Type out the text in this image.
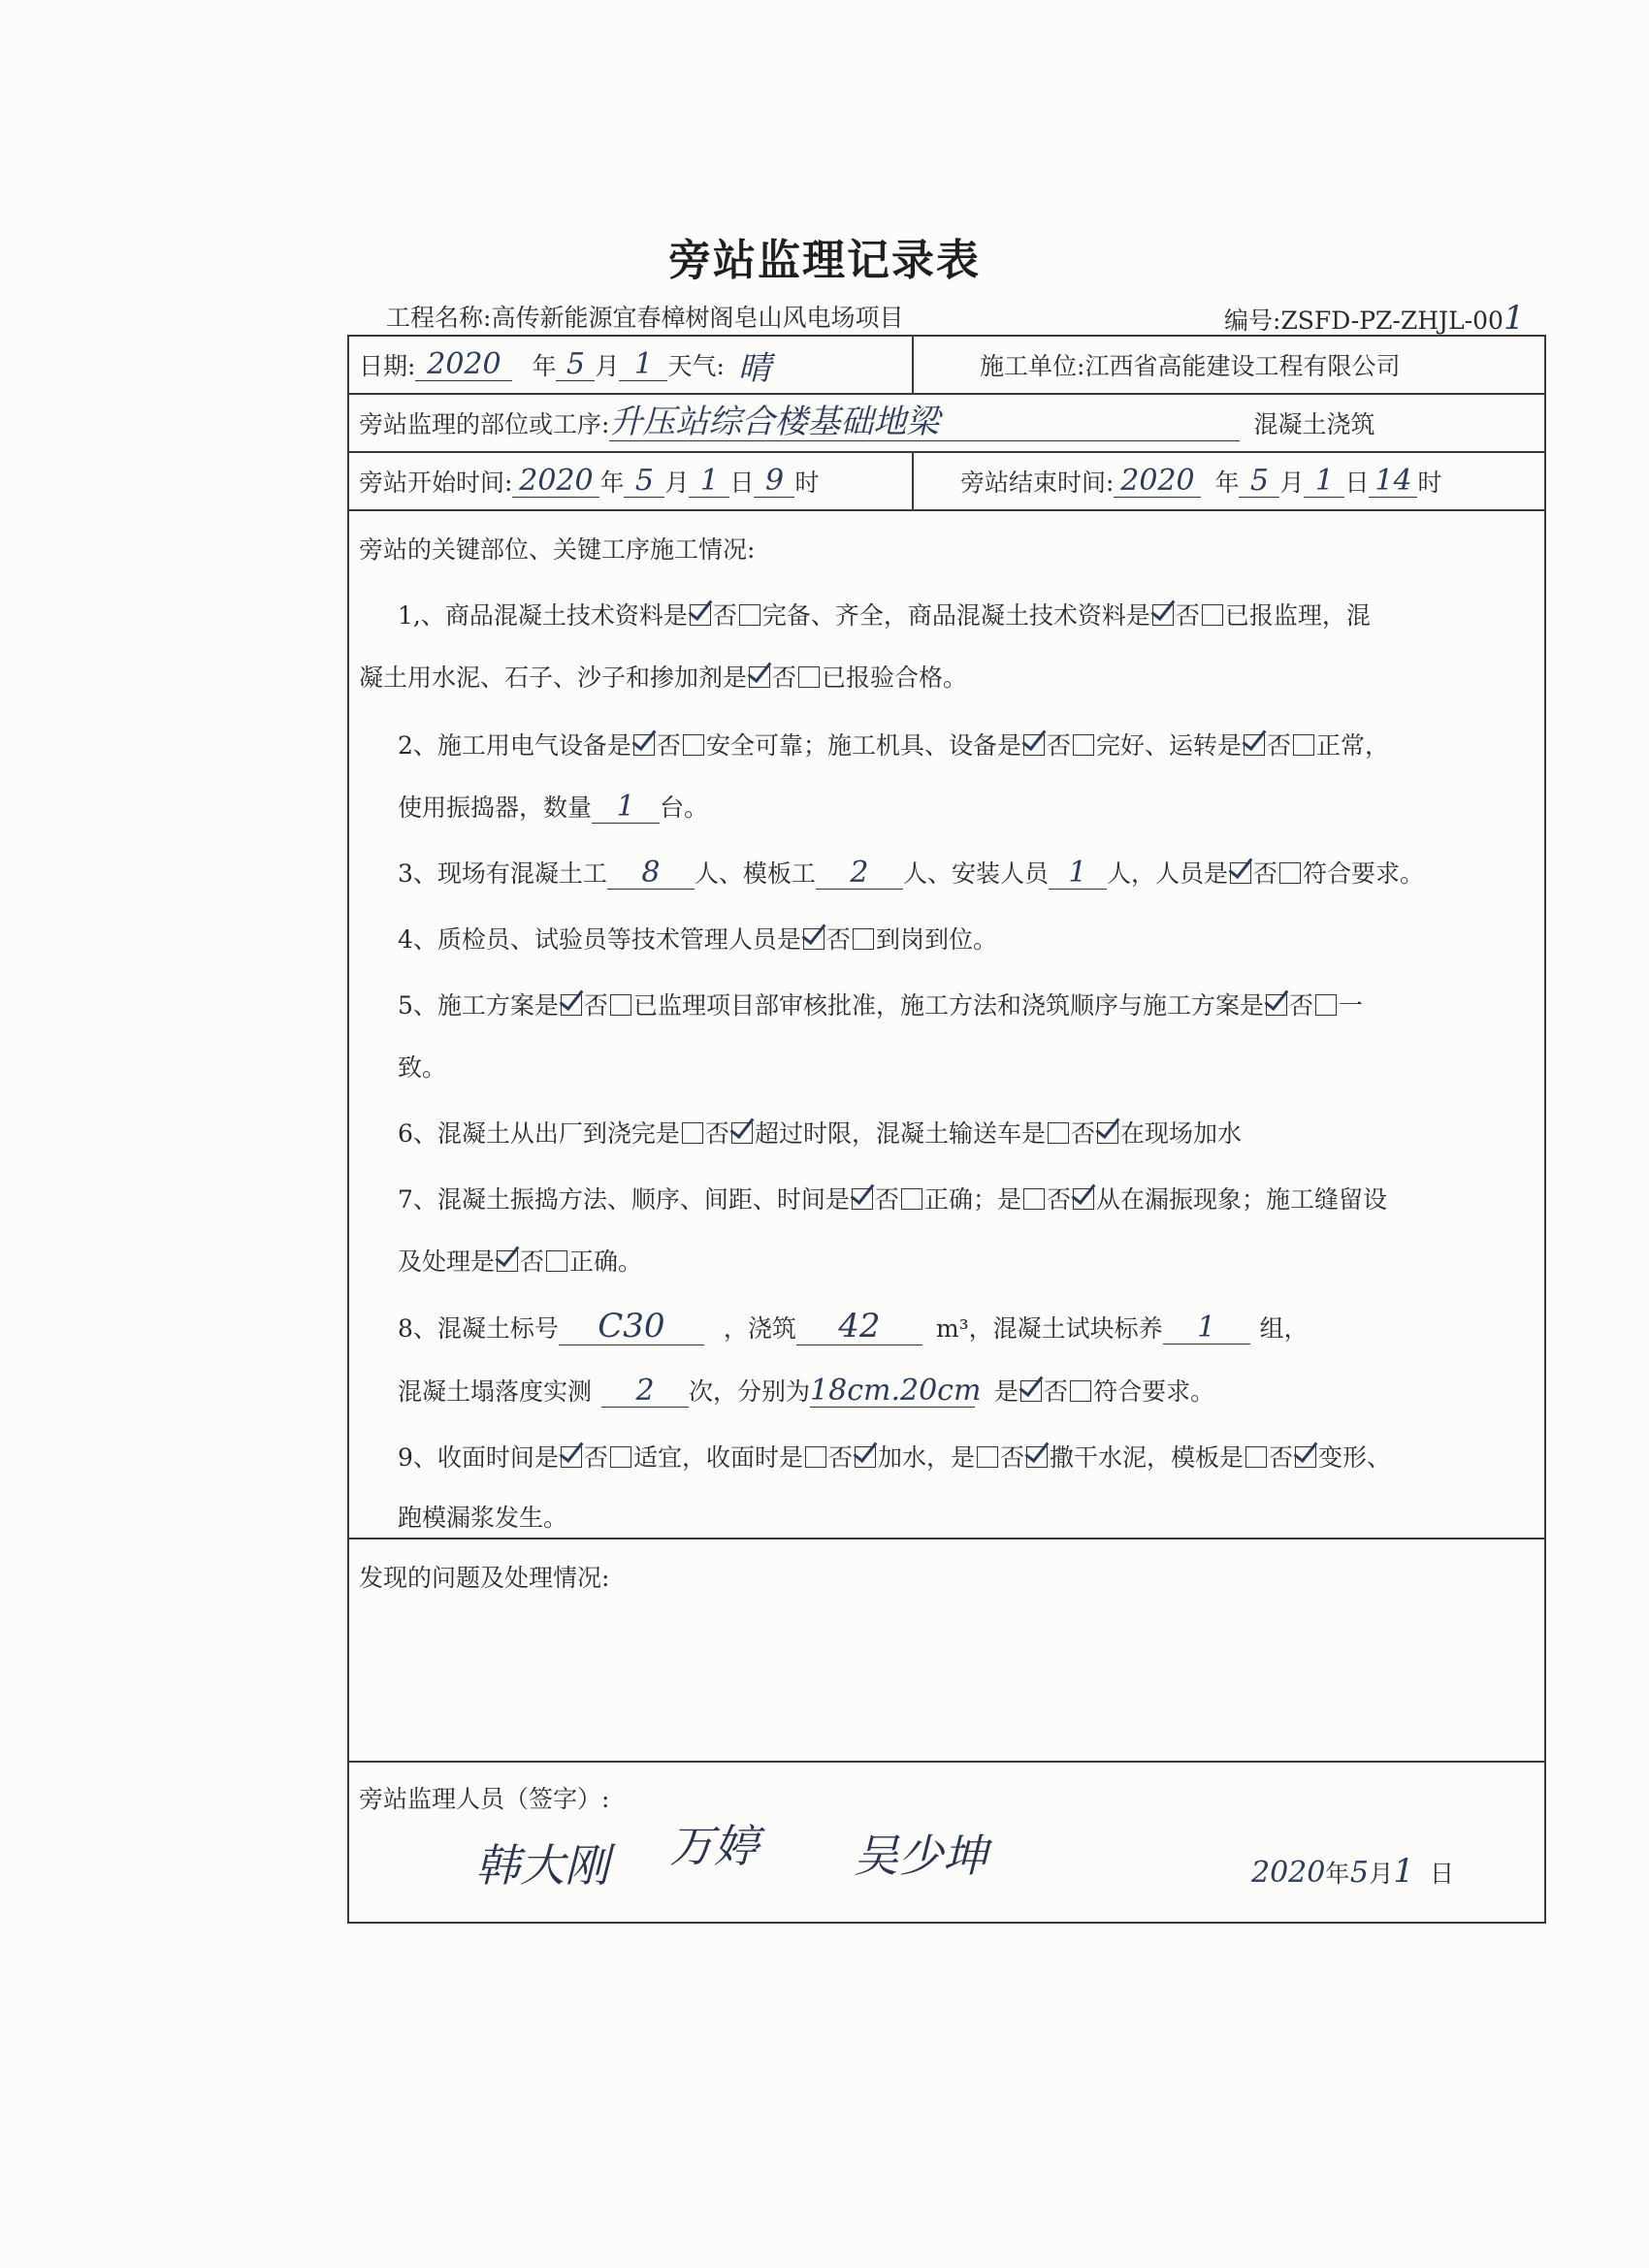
旁站监理记录表
工程名称:高传新能源宜春樟树阁皂山风电场项目	编号:ZSFD-PZ-ZHJL-001
日期: 2020	年 5 月 1 天气: 晴	施工单位: 江西省高能建设工程有限公司
旁站监理的部位或工序: 升压站综合楼基础地梁	混凝土浇筑
旁站开始时间: 2020 年 5 月 1 日 9 时	旁站结束时间: 2020 年 5 月 1 日 14 时
旁站的关键部位、关键工序施工情况:
1,、商品混凝土技术资料是 否 完备、齐全，商品混凝土技术资料是 否 已报监理，混
凝土用水泥、石子、沙子和掺加剂是 否 已报验合格。
2、施工用电气设备是 否 安全可靠；施工机具、设备是 否 完好、运转是 否 正常，
使用振捣器，数量 1 台。
3、现场有混凝土工 8 人、模板工 2 人、安装人员 1 人，人员是 否 符合要求。
4、质检员、试验员等技术管理人员是 否 到岗到位。
5、施工方案是 否 已监理项目部审核批准，施工方法和浇筑顺序与施工方案是 否 一
致。
6、混凝土从出厂到浇完是 否 超过时限，混凝土输送车是 否 在现场加水
7、混凝土振捣方法、顺序、间距、时间是 否 正确；是 否 从在漏振现象；施工缝留设
及处理是 否 正确。
8、混凝土标号 C30 ，浇筑 42 m³，混凝土试块标养 1 组，
混凝土塌落度实测 2 次，分别为18cm.20cm 是 否 符合要求。
9、收面时间是 否 适宜，收面时是 否 加水，是 否 撒干水泥，模板是 否 变形、
跑模漏浆发生。
发现的问题及处理情况:
旁站监理人员（签字）:
韩大刚 万婷 吴少坤	2020年5月1 日
